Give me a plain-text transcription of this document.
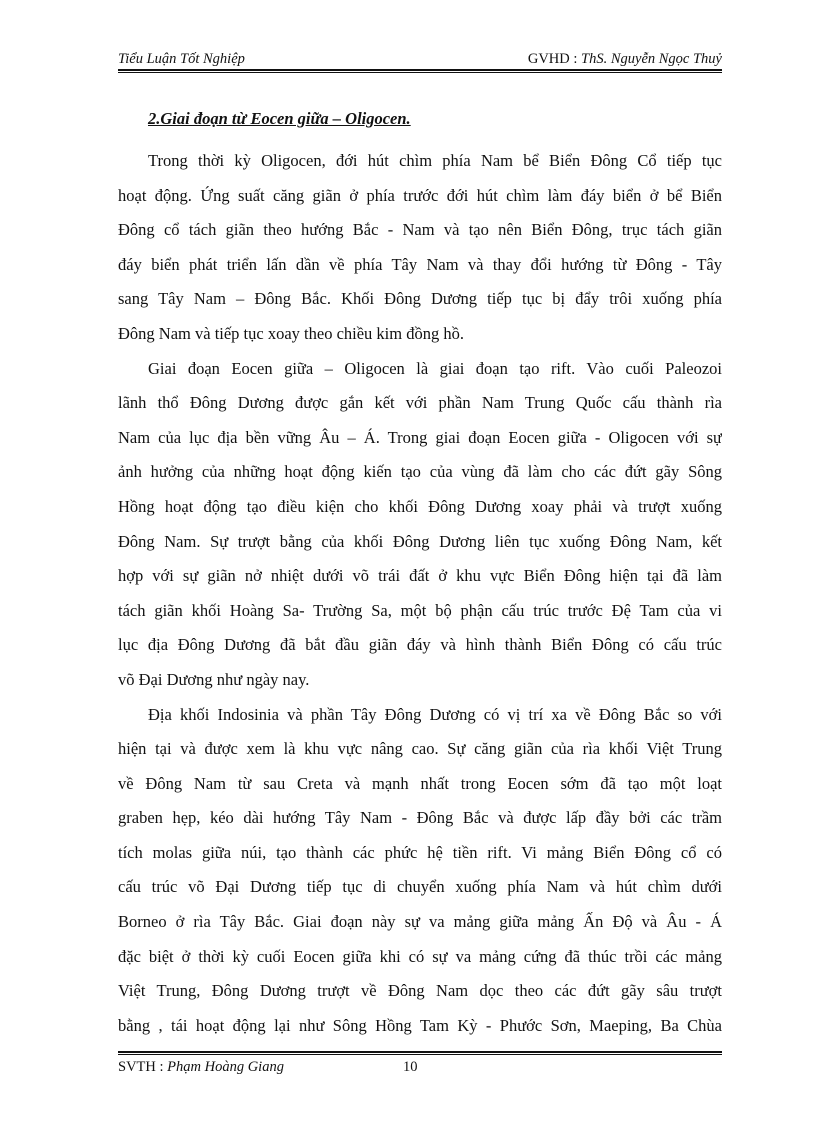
Tiểu Luận Tốt Nghiệp	GVHD : ThS. Nguyễn Ngọc Thuỷ
2.Giai đoạn từ Eocen giữa – Oligocen.

Trong thời kỳ Oligocen, đới hút chìm phía Nam bể Biển Đông Cổ tiếp tục
hoạt động. Ứng suất căng giãn ở phía trước đới hút chìm làm đáy biển ở bể Biển
Đông cổ tách giãn theo hướng Bắc - Nam và tạo nên Biển Đông, trục tách giãn
đáy biển phát triển lấn dần về phía Tây Nam và thay đổi hướng từ Đông - Tây
sang Tây Nam – Đông Bắc. Khối Đông Dương tiếp tục bị đẩy trôi xuống phía
Đông Nam và tiếp tục xoay theo chiều kim đồng hồ.

Giai đoạn Eocen giữa – Oligocen là giai đoạn tạo rift. Vào cuối Paleozoi
lãnh thổ Đông Dương được gắn kết với phần Nam Trung Quốc cấu thành rìa
Nam của lục địa bền vững Âu – Á. Trong giai đoạn Eocen giữa - Oligocen với sự
ảnh hưởng của những hoạt động kiến tạo của vùng đã làm cho các đứt gãy Sông
Hồng hoạt động tạo điều kiện cho khối Đông Dương xoay phải và trượt xuống
Đông Nam. Sự trượt bằng của khối Đông Dương liên tục xuống Đông Nam, kết
hợp với sự giãn nở nhiệt dưới võ trái đất ở khu vực Biển Đông hiện tại đã làm
tách giãn khối Hoàng Sa- Trường Sa, một bộ phận cấu trúc trước Đệ Tam của vi
lục địa Đông Dương đã bắt đầu giãn đáy và hình thành Biển Đông có cấu trúc
võ Đại Dương như ngày nay.

Địa khối Indosinia và phần Tây Đông Dương có vị trí xa về Đông Bắc so với
hiện tại và được xem là khu vực nâng cao. Sự căng giãn của rìa khối Việt Trung
về Đông Nam từ sau Creta và mạnh nhất trong Eocen sớm đã tạo một loạt
graben hẹp, kéo dài hướng Tây Nam - Đông Bắc và được lấp đầy bởi các trầm
tích molas giữa núi, tạo thành các phức hệ tiền rift. Vi mảng Biển Đông cổ có
cấu trúc võ Đại Dương tiếp tục di chuyển xuống phía Nam và hút chìm dưới
Borneo ở rìa Tây Bắc. Giai đoạn này sự va mảng giữa mảng Ấn Độ và Âu - Á
đặc biệt ở thời kỳ cuối Eocen giữa khi có sự va mảng cứng đã thúc trồi các mảng
Việt Trung, Đông Dương trượt về Đông Nam dọc theo các đứt gãy sâu trượt
bằng , tái hoạt động lại như Sông Hồng Tam Kỳ - Phước Sơn, Maeping, Ba Chùa

SVTH : Phạm Hoàng Giang	10
